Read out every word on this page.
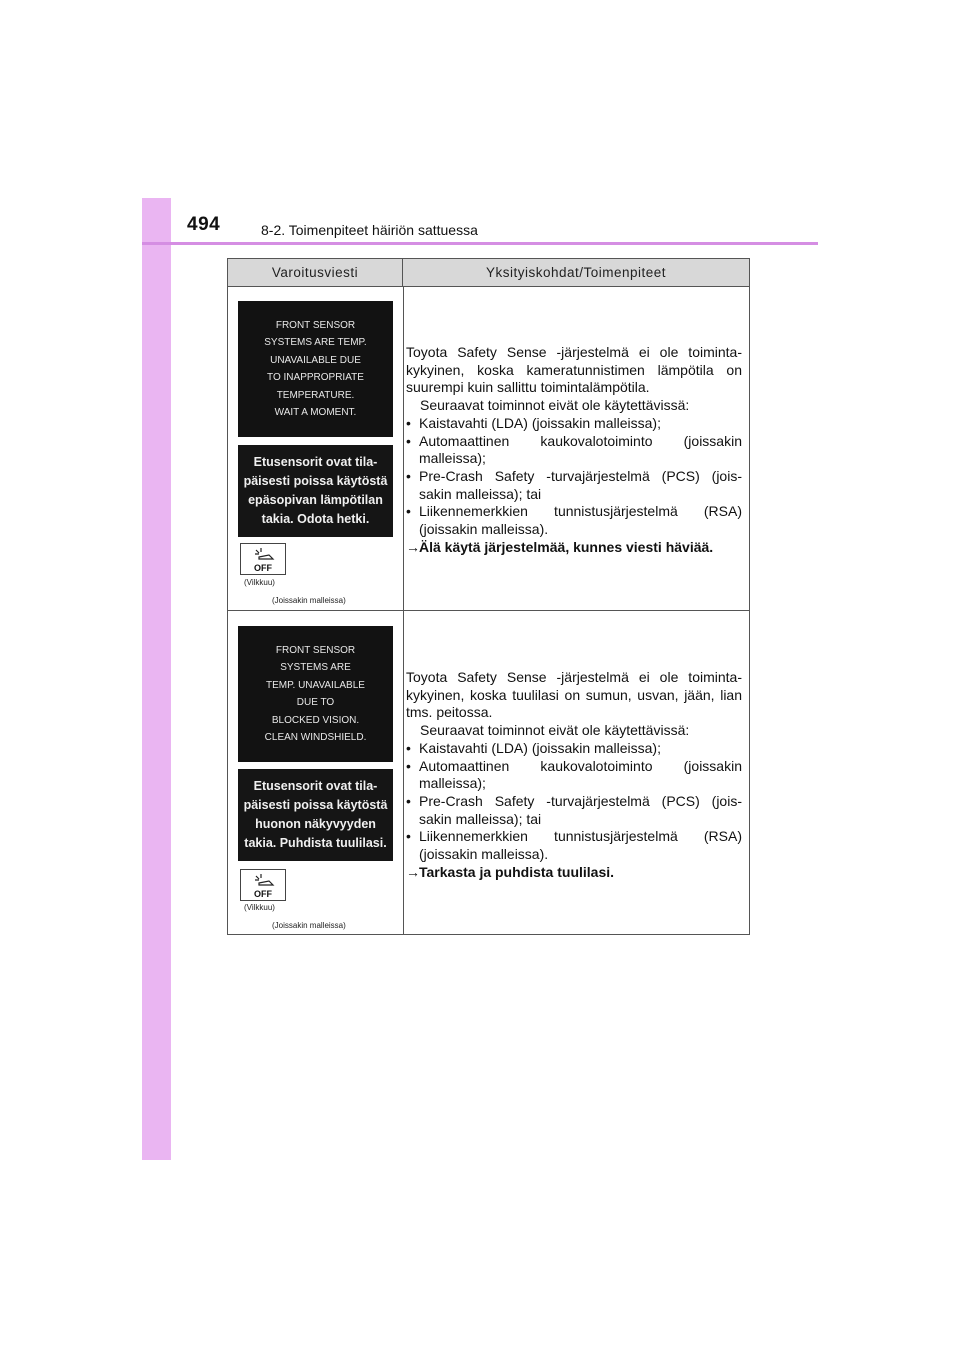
494	8-2. Toimenpiteet häiriön sattuessa
Varoitusviesti	Yksityiskohdat/Toimenpiteet
FRONT SENSOR
SYSTEMS ARE TEMP.
UNAVAILABLE DUE
TO INAPPROPRIATE
TEMPERATURE.
WAIT A MOMENT.
Etusensorit ovat tila-
päisesti poissa käytöstä
epäsopivan lämpötilan
takia. Odota hetki.
OFF
(Vilkkuu)
(Joissakin malleissa)

Toyota Safety Sense -järjestelmä ei ole toiminta-kykyinen, koska kameratunnistimen lämpötila on suurempi kuin sallittu toimintalämpötila.

Seuraavat toiminnot eivät ole käytettävissä:

• Kaistavahti (LDA) (joissakin malleissa);
• Automaattinen kaukovalotoiminto (joissakin malleissa);
• Pre-Crash Safety -turvajärjestelmä (PCS) (jois-sakin malleissa); tai
• Liikennemerkkien tunnistusjärjestelmä (RSA) (joissakin malleissa).
→ Älä käytä järjestelmää, kunnes viesti häviää.
FRONT SENSOR
SYSTEMS ARE
TEMP. UNAVAILABLE
DUE TO
BLOCKED VISION.
CLEAN WINDSHIELD.
Etusensorit ovat tila-
päisesti poissa käytöstä
huonon näkyvyyden
takia. Puhdista tuulilasi.
OFF
(Vilkkuu)
(Joissakin malleissa)

Toyota Safety Sense -järjestelmä ei ole toiminta-kykyinen, koska tuulilasi on sumun, usvan, jään, lian tms. peitossa.

Seuraavat toiminnot eivät ole käytettävissä:

• Kaistavahti (LDA) (joissakin malleissa);
• Automaattinen kaukovalotoiminto (joissakin malleissa);
• Pre-Crash Safety -turvajärjestelmä (PCS) (jois-sakin malleissa); tai
• Liikennemerkkien tunnistusjärjestelmä (RSA) (joissakin malleissa).
→ Tarkasta ja puhdista tuulilasi.
